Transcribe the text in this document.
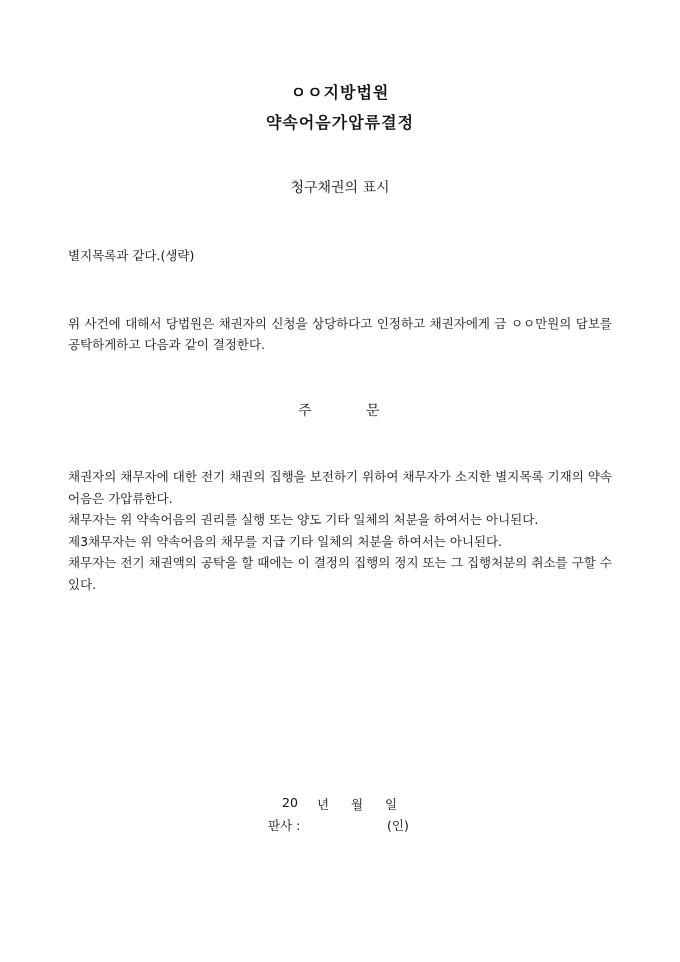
ㅇㅇ지방법원
약속어음가압류결정
청구채권의 표시
별지목록과 같다.(생략)
위 사건에 대해서 당법원은 채권자의 신청을 상당하다고 인정하고 채권자에게 금 ㅇㅇ만원의 담보를 공탁하게하고 다음과 같이 결정한다.
주	문

채권자의 채무자에 대한 전기 채권의 집행을 보전하기 위하여 채무자가 소지한 별지목록 기재의 약속어음은 가압류한다.

채무자는 위 약속어음의 권리를 실행 또는 양도 기타 일체의 처분을 하여서는 아니된다.

제3채무자는 위 약속어음의 채무를 지급 기타 일체의 처분을 하여서는 아니된다.

채무자는 전기 채권액의 공탁을 할 때에는 이 결정의 집행의 정지 또는 그 집행처분의 취소를 구할 수 있다.

20 년 월 일
판사 :	(인)
